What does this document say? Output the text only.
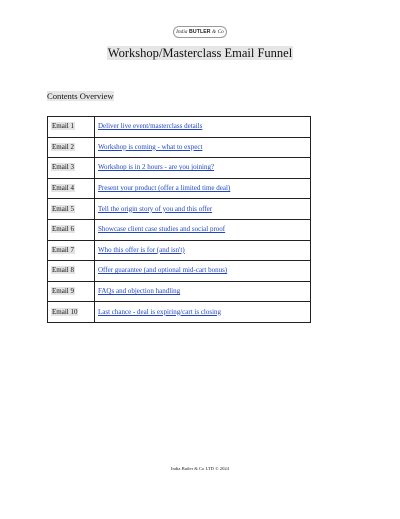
India BUTLER & Co
Workshop/Masterclass Email Funnel
Contents Overview
Email 1	Deliver live event/masterclass details
Email 2	Workshop is coming - what to expect
Email 3	Workshop is in 2 hours - are you joining?
Email 4	Present your product (offer a limited time deal)
Email 5	Tell the origin story of you and this offer
Email 6	Showcase client case studies and social proof
Email 7	Who this offer is for (and isn't)
Email 8	Offer guarantee (and optional mid-cart bonus)
Email 9	FAQs and objection handling
Email 10	Last chance - deal is expiring/cart is closing
India Butler & Co LTD © 2024
